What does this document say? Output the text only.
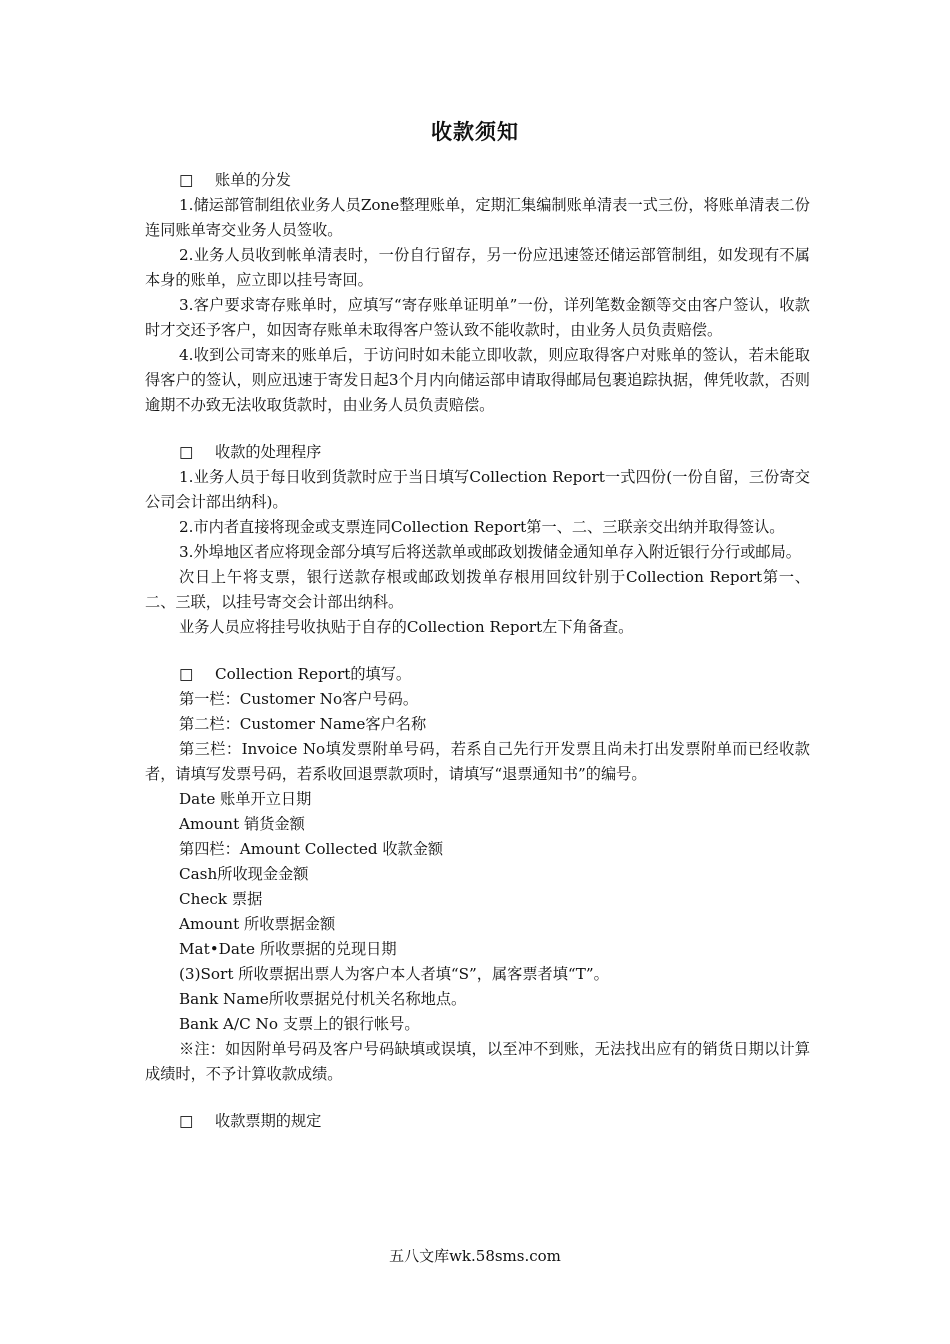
收款须知
□ 账单的分发

1.储运部管制组依业务人员Zone整理账单，定期汇集编制账单清表一式三份，将账单清表二份连同账单寄交业务人员签收。

2.业务人员收到帐单清表时，一份自行留存，另一份应迅速签还储运部管制组，如发现有不属本身的账单，应立即以挂号寄回。

3.客户要求寄存账单时，应填写“寄存账单证明单”一份，详列笔数金额等交由客户签认，收款时才交还予客户，如因寄存账单未取得客户签认致不能收款时，由业务人员负责赔偿。

4.收到公司寄来的账单后，于访问时如未能立即收款，则应取得客户对账单的签认，若未能取得客户的签认，则应迅速于寄发日起3个月内向储运部申请取得邮局包裹追踪执据，俾凭收款，否则逾期不办致无法收取货款时，由业务人员负责赔偿。

□ 收款的处理程序

1.业务人员于每日收到货款时应于当日填写Collection Report一式四份(一份自留，三份寄交公司会计部出纳科)。

2.市内者直接将现金或支票连同Collection Report第一、二、三联亲交出纳并取得签认。

3.外埠地区者应将现金部分填写后将送款单或邮政划拨储金通知单存入附近银行分行或邮局。

次日上午将支票，银行送款存根或邮政划拨单存根用回纹针别于Collection Report第一、二、三联，以挂号寄交会计部出纳科。

业务人员应将挂号收执贴于自存的Collection Report左下角备查。

□ Collection Report的填写。

第一栏：Customer No客户号码。

第二栏：Customer Name客户名称

第三栏：Invoice No填发票附单号码，若系自己先行开发票且尚未打出发票附单而已经收款者，请填写发票号码，若系收回退票款项时，请填写“退票通知书”的编号。

Date 账单开立日期

Amount 销货金额

第四栏：Amount Collected 收款金额

Cash所收现金金额

Check 票据

Amount 所收票据金额

Mat•Date 所收票据的兑现日期

(3)Sort 所收票据出票人为客户本人者填“S”，属客票者填“T”。

Bank Name所收票据兑付机关名称地点。

Bank A/C No 支票上的银行帐号。

※注：如因附单号码及客户号码缺填或误填，以至冲不到账，无法找出应有的销货日期以计算成绩时，不予计算收款成绩。

□ 收款票期的规定
五八文库wk.58sms.com
